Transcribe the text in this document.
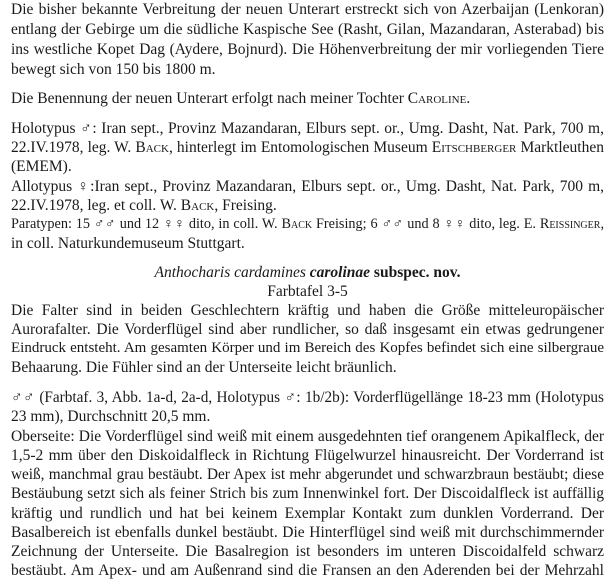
Die bisher bekannte Verbreitung der neuen Unterart erstreckt sich von Azerbaijan (Lenkoran)
entlang der Gebirge um die südliche Kaspische See (Rasht, Gilan, Mazandaran, Asterabad) bis
ins westliche Kopet Dag (Aydere, Bojnurd). Die Höhenverbreitung der mir vorliegenden Tiere
bewegt sich von 150 bis 1800 m.
Die Benennung der neuen Unterart erfolgt nach meiner Tochter Caroline.
Holotypus ♂: Iran sept., Provinz Mazandaran, Elburs sept. or., Umg. Dasht, Nat. Park, 700 m,
22.IV.1978, leg. W. Back, hinterlegt im Entomologischen Museum Eitschberger Marktleuthen
(EMEM).
Allotypus ♀:Iran sept., Provinz Mazandaran, Elburs sept. or., Umg. Dasht, Nat. Park, 700 m,
22.IV.1978, leg. et coll. W. Back, Freising.
Paratypen: 15 ♂♂ und 12 ♀♀ dito, in coll. W. Back Freising; 6 ♂♂ und 8 ♀♀ dito, leg. E. Reissinger,
in coll. Naturkundemuseum Stuttgart.
Anthocharis cardamines carolinae subspec. nov.
Farbtafel 3-5
Die Falter sind in beiden Geschlechtern kräftig und haben die Größe mitteleuropäischer
Aurorafalter. Die Vorderflügel sind aber rundlicher, so daß insgesamt ein etwas gedrungener
Eindruck entsteht. Am gesamten Körper und im Bereich des Kopfes befindet sich eine silbergraue
Behaarung. Die Fühler sind an der Unterseite leicht bräunlich.
♂♂ (Farbtaf. 3, Abb. 1a-d, 2a-d, Holotypus ♂: 1b/2b): Vorderflügellänge 18-23 mm (Holotypus
23 mm), Durchschnitt 20,5 mm.
Oberseite: Die Vorderflügel sind weiß mit einem ausgedehnten tief orangenem Apikalfleck, der
1,5-2 mm über den Diskoidalfleck in Richtung Flügelwurzel hinausreicht. Der Vorderrand ist
weiß, manchmal grau bestäubt. Der Apex ist mehr abgerundet und schwarzbraun bestäubt; diese
Bestäubung setzt sich als feiner Strich bis zum Innenwinkel fort. Der Discoidalfleck ist auffällig
kräftig und rundlich und hat bei keinem Exemplar Kontakt zum dunklen Vorderrand. Der
Basalbereich ist ebenfalls dunkel bestäubt. Die Hinterflügel sind weiß mit durchschimmernder
Zeichnung der Unterseite. Die Basalregion ist besonders im unteren Discoidalfeld schwarz
bestäubt. Am Apex- und am Außenrand sind die Fransen an den Aderenden bei der Mehrzahl
